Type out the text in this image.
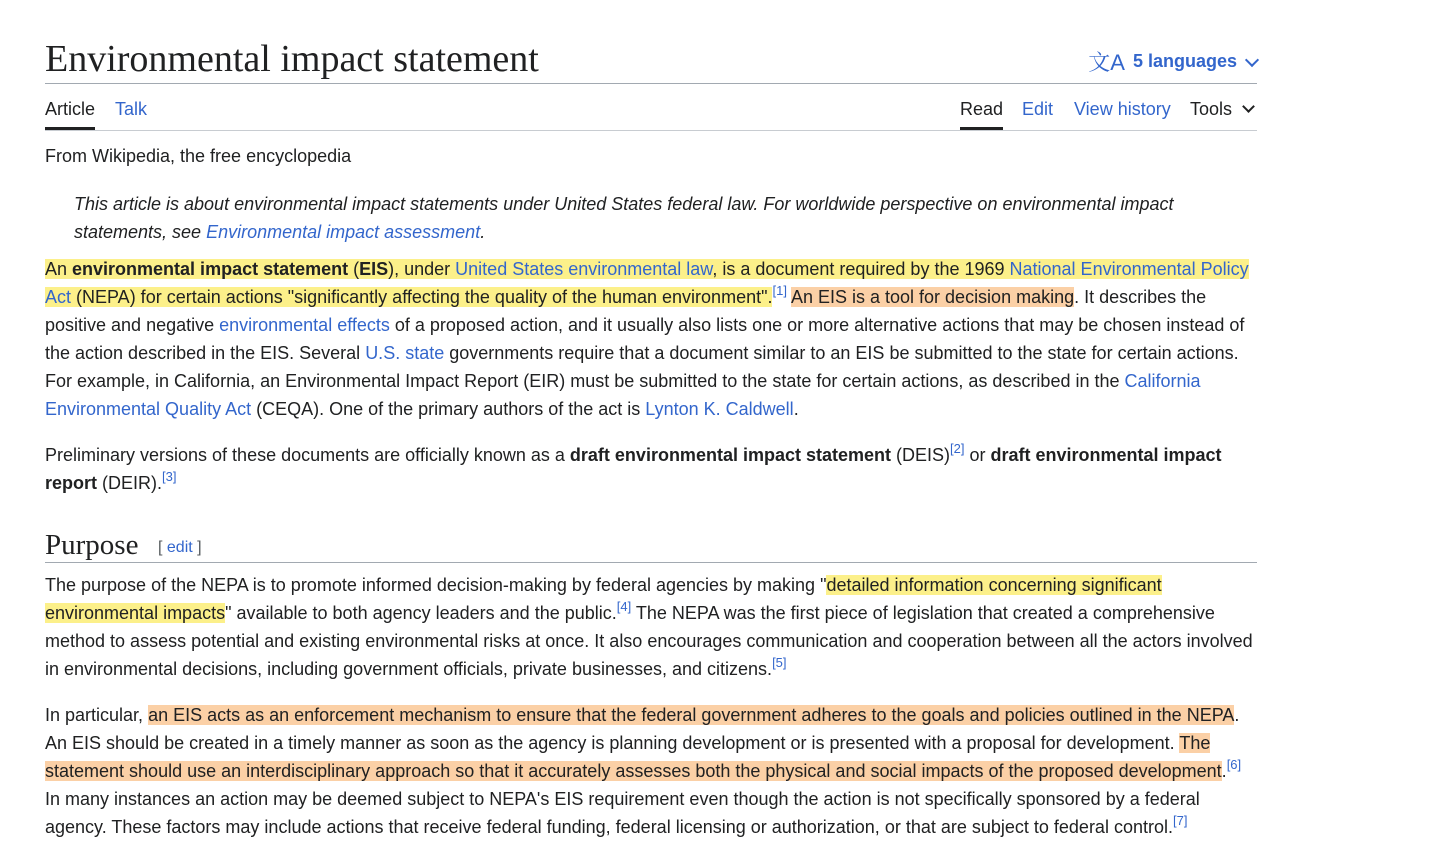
Environmental impact statement	文A 5 languages
Article Talk	Read Edit View history Tools
From Wikipedia, the free encyclopedia
This article is about environmental impact statements under United States federal law. For worldwide perspective on environmental impact statements, see Environmental impact assessment.
An environmental impact statement (EIS), under United States environmental law, is a document required by the 1969 National Environmental Policy Act (NEPA) for certain actions "significantly affecting the quality of the human environment".[1] An EIS is a tool for decision making. It describes the positive and negative environmental effects of a proposed action, and it usually also lists one or more alternative actions that may be chosen instead of the action described in the EIS. Several U.S. state governments require that a document similar to an EIS be submitted to the state for certain actions. For example, in California, an Environmental Impact Report (EIR) must be submitted to the state for certain actions, as described in the California Environmental Quality Act (CEQA). One of the primary authors of the act is Lynton K. Caldwell.
Preliminary versions of these documents are officially known as a draft environmental impact statement (DEIS)[2] or draft environmental impact report (DEIR).[3]
Purpose [ edit ]
The purpose of the NEPA is to promote informed decision-making by federal agencies by making "detailed information concerning significant environmental impacts" available to both agency leaders and the public.[4] The NEPA was the first piece of legislation that created a comprehensive method to assess potential and existing environmental risks at once. It also encourages communication and cooperation between all the actors involved in environmental decisions, including government officials, private businesses, and citizens.[5]
In particular, an EIS acts as an enforcement mechanism to ensure that the federal government adheres to the goals and policies outlined in the NEPA. An EIS should be created in a timely manner as soon as the agency is planning development or is presented with a proposal for development. The statement should use an interdisciplinary approach so that it accurately assesses both the physical and social impacts of the proposed development.[6] In many instances an action may be deemed subject to NEPA's EIS requirement even though the action is not specifically sponsored by a federal agency. These factors may include actions that receive federal funding, federal licensing or authorization, or that are subject to federal control.[7]
